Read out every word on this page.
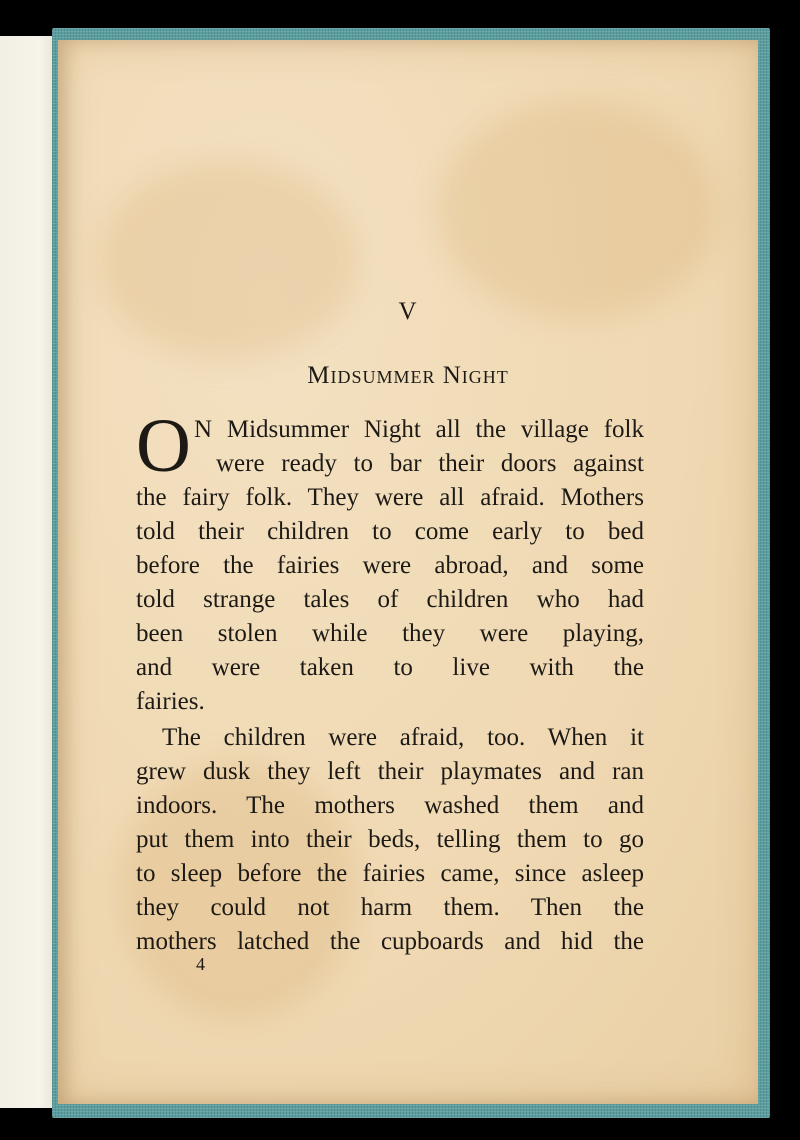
V
Midsummer Night
O N Midsummer Night all the village folk
were ready to bar their doors against
the fairy folk. They were all afraid. Mothers
told their children to come early to bed
before the fairies were abroad, and some
told strange tales of children who had
been stolen while they were playing,
and were taken to live with the
fairies.
The children were afraid, too. When it
grew dusk they left their playmates and ran
indoors. The mothers washed them and
put them into their beds, telling them to go
to sleep before the fairies came, since asleep
they could not harm them. Then the
mothers latched the cupboards and hid the
4
